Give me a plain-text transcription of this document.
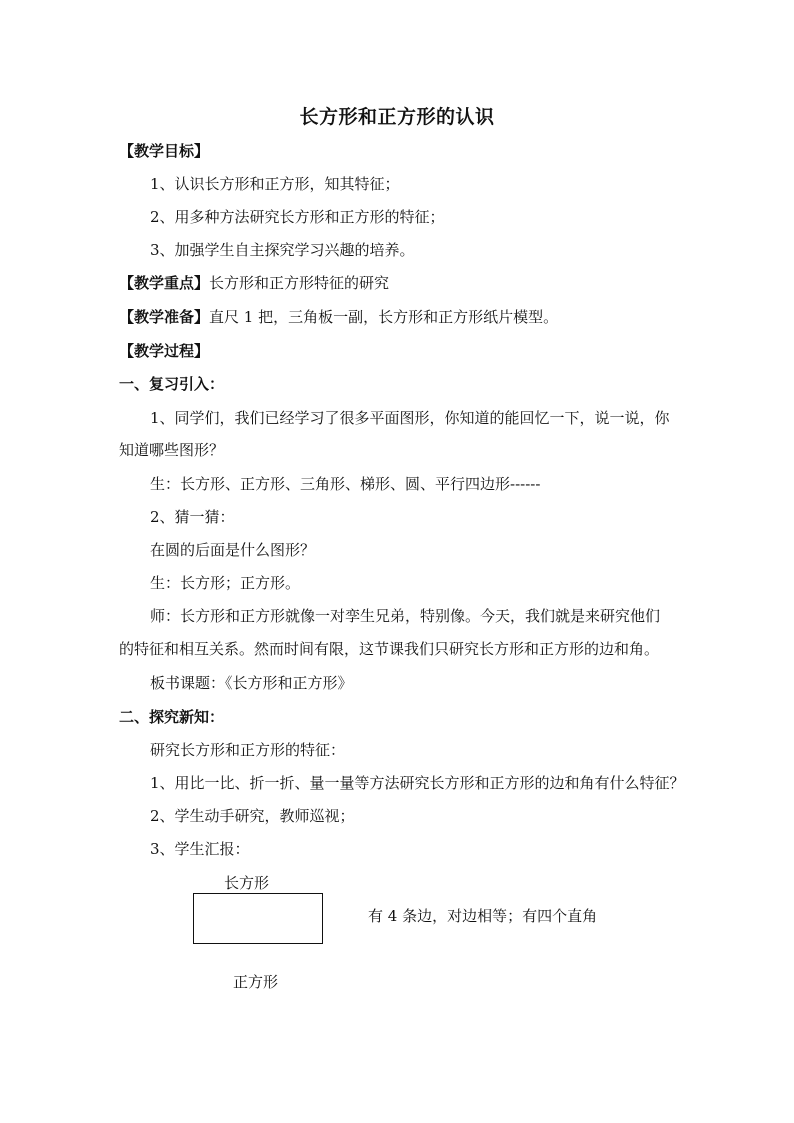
长方形和正方形的认识
【教学目标】
1、认识长方形和正方形，知其特征；
2、用多种方法研究长方形和正方形的特征；
3、加强学生自主探究学习兴趣的培养。
【教学重点】长方形和正方形特征的研究
【教学准备】直尺 1 把，三角板一副，长方形和正方形纸片模型。
【教学过程】
一、复习引入：
1、同学们，我们已经学习了很多平面图形，你知道的能回忆一下，说一说，你
知道哪些图形？
生：长方形、正方形、三角形、梯形、圆、平行四边形------
2、猜一猜：
在圆的后面是什么图形？
生：长方形；正方形。
师：长方形和正方形就像一对孪生兄弟，特别像。今天，我们就是来研究他们
的特征和相互关系。然而时间有限，这节课我们只研究长方形和正方形的边和角。
板书课题：《长方形和正方形》
二、探究新知：
研究长方形和正方形的特征：
1、用比一比、折一折、量一量等方法研究长方形和正方形的边和角有什么特征？
2、学生动手研究，教师巡视；
3、学生汇报：
长方形
有 4 条边，对边相等；有四个直角
正方形
